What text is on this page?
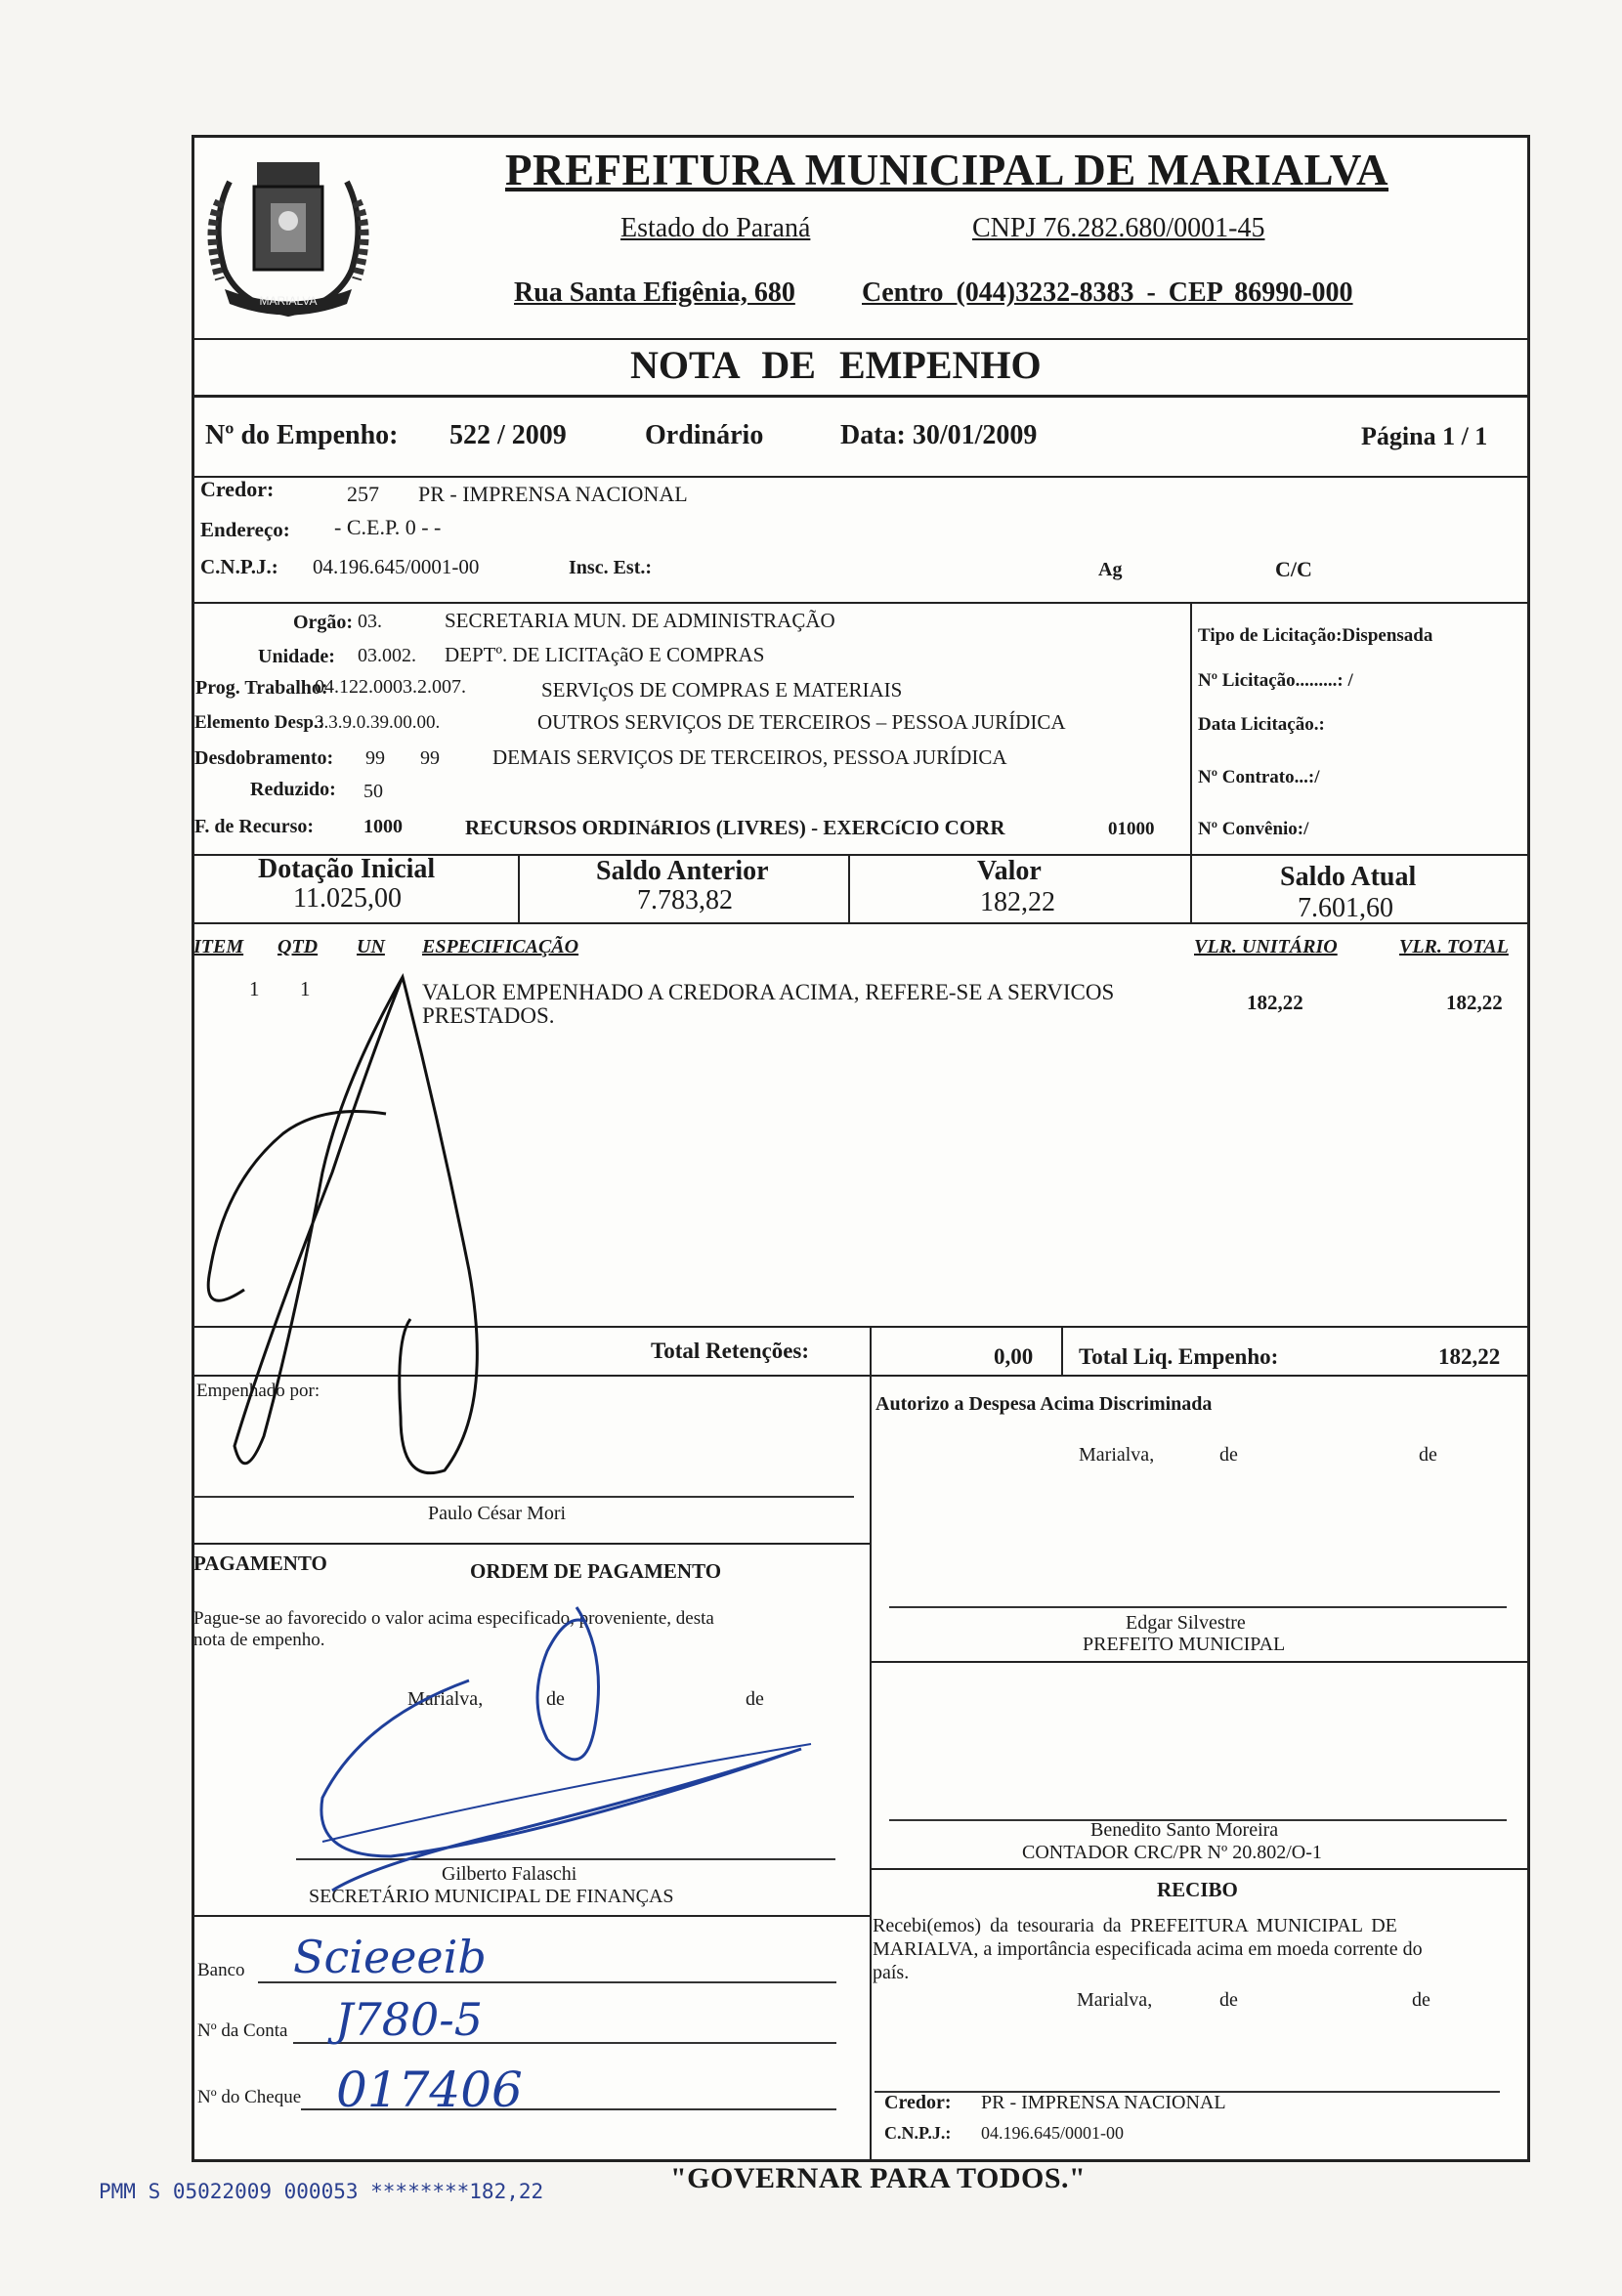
MARIALVA
PREFEITURA MUNICIPAL DE MARIALVA
Estado do Paraná	CNPJ 76.282.680/0001-45
Rua Santa Efigênia, 680 Centro (044)3232-8383 - CEP 86990-000
NOTA DE EMPENHO
Nº do Empenho: 522 / 2009	Ordinário	Data: 30/01/2009	Página 1 / 1
Credor:	257 PR - IMPRENSA NACIONAL
Endereço: - C.E.P. 0 - -
C.N.P.J.: 04.196.645/0001-00	Insc. Est.:	Ag	C/C
Orgão: 03.	SECRETARIA MUN. DE ADMINISTRAÇÃO
Unidade: 03.002. DEPTº. DE LICITAçãO E COMPRAS
Prog. Trabalho:
04.122.0003.2.007.	SERVIçOS DE COMPRAS E MATERIAIS
Elemento Desp.:
3.3.9.0.39.00.00.	OUTROS SERVIÇOS DE TERCEIROS – PESSOA JURÍDICA
Desdobramento: 99 99	DEMAIS SERVIÇOS DE TERCEIROS, PESSOA JURÍDICA
Reduzido: 50
F. de Recurso:	1000	RECURSOS ORDINáRIOS (LIVRES) - EXERCíCIO CORR	01000
Tipo de Licitação:Dispensada
Nº Licitação.........: /
Data Licitação.:
Nº Contrato...:/
Nº Convênio:/
Dotação Inicial
11.025,00
Saldo Anterior
7.783,82
Valor
182,22
Saldo Atual
7.601,60
ITEM QTD UN ESPECIFICAÇÃO	VLR. UNITÁRIO	VLR. TOTAL
1 1	VALOR EMPENHADO A CREDORA ACIMA, REFERE-SE A SERVICOS
PRESTADOS.
182,22	182,22
Total Retenções:	0,00 Total Liq. Empenho:	182,22
Empenhado por:
Paulo César Mori
Autorizo a Despesa Acima Discriminada
Marialva,	de	de
PAGAMENTO	ORDEM DE PAGAMENTO
Pague-se ao favorecido o valor acima especificado, proveniente, desta
nota de empenho.
Marialva,	de	de
Gilberto Falaschi
SECRETÁRIO MUNICIPAL DE FINANÇAS
Banco Scieeeib
Nº da Conta J780-5
Nº do Cheque 017406
Edgar Silvestre
PREFEITO MUNICIPAL
Benedito Santo Moreira
CONTADOR CRC/PR Nº 20.802/O-1
RECIBO
Recebi(emos) da tesouraria da PREFEITURA MUNICIPAL DE
MARIALVA, a importância especificada acima em moeda corrente do
país.
Marialva,	de	de
Credor: PR - IMPRENSA NACIONAL
C.N.P.J.: 04.196.645/0001-00
"GOVERNAR PARA TODOS."
PMM S 05022009 000053 ********182,22
